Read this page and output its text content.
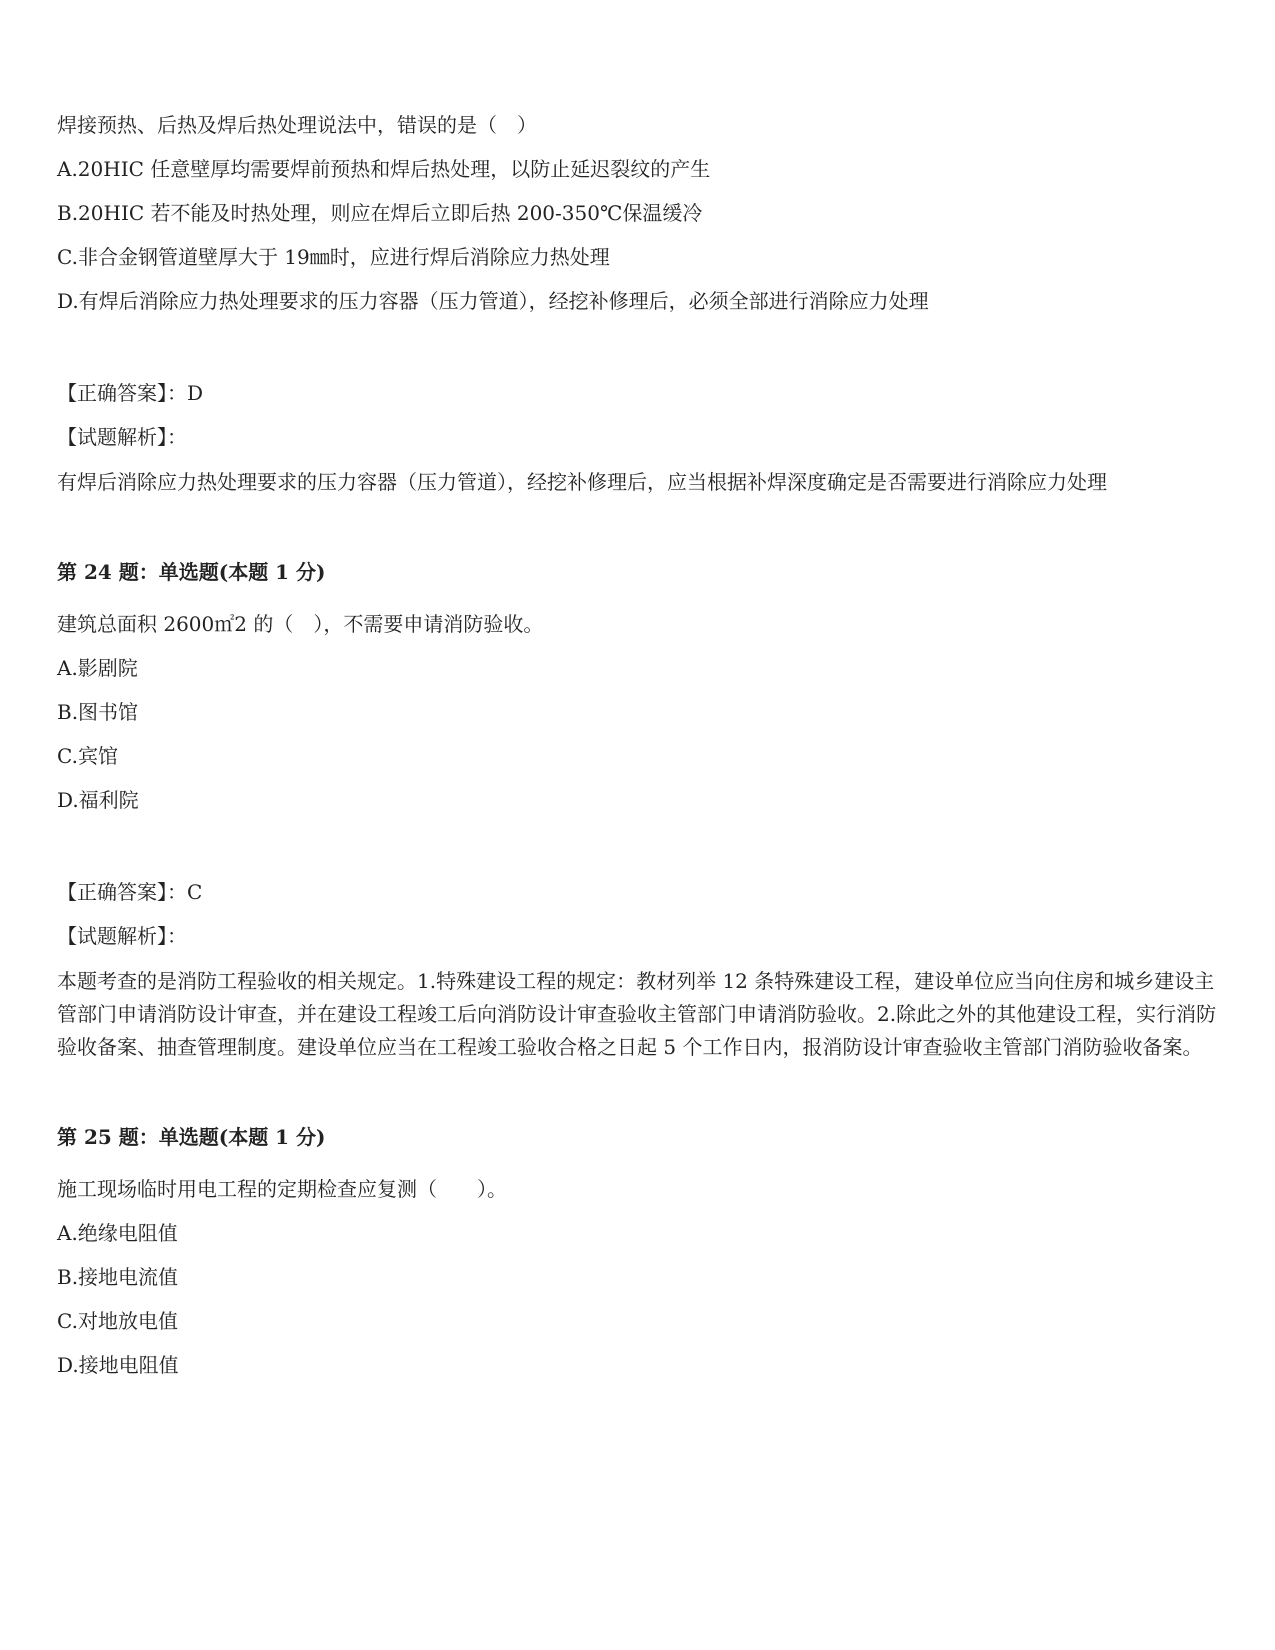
焊接预热、后热及焊后热处理说法中，错误的是（　）
A.20HIC 任意壁厚均需要焊前预热和焊后热处理，以防止延迟裂纹的产生
B.20HIC 若不能及时热处理，则应在焊后立即后热 200-350℃保温缓冷
C.非合金钢管道壁厚大于 19㎜时，应进行焊后消除应力热处理
D.有焊后消除应力热处理要求的压力容器（压力管道），经挖补修理后，必须全部进行消除应力处理
【正确答案】：D
【试题解析】：
有焊后消除应力热处理要求的压力容器（压力管道），经挖补修理后，应当根据补焊深度确定是否需要进行消除应力处理
第 24 题：单选题(本题 1 分)
建筑总面积 2600㎡2 的（　），不需要申请消防验收。
A.影剧院
B.图书馆
C.宾馆
D.福利院
【正确答案】：C
【试题解析】：
本题考查的是消防工程验收的相关规定。1.特殊建设工程的规定：教材列举 12 条特殊建设工程，建设单位应当向住房和城乡建设主管部门申请消防设计审查，并在建设工程竣工后向消防设计审查验收主管部门申请消防验收。2.除此之外的其他建设工程，实行消防验收备案、抽查管理制度。建设单位应当在工程竣工验收合格之日起 5 个工作日内，报消防设计审查验收主管部门消防验收备案。
第 25 题：单选题(本题 1 分)
施工现场临时用电工程的定期检查应复测（　　）。
A.绝缘电阻值
B.接地电流值
C.对地放电值
D.接地电阻值
